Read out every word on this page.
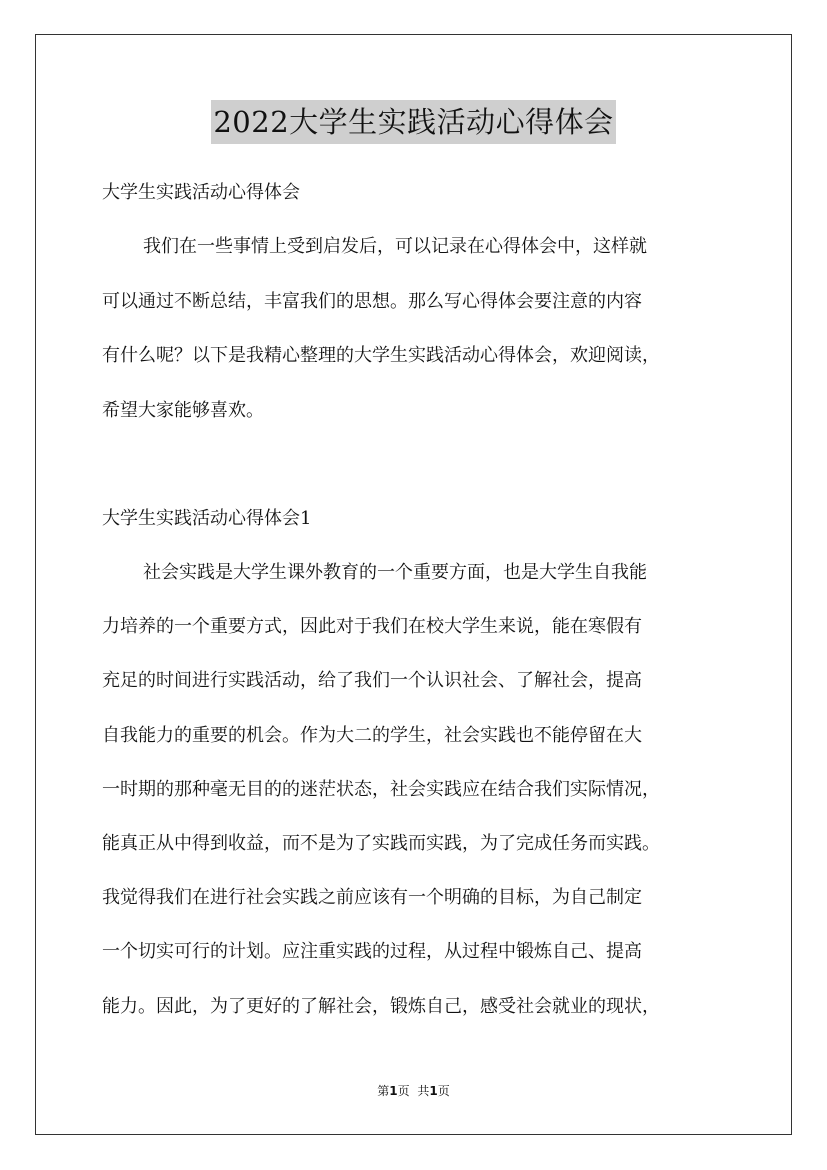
2022大学生实践活动心得体会
大学生实践活动心得体会
我们在一些事情上受到启发后，可以记录在心得体会中，这样就
可以通过不断总结，丰富我们的思想。那么写心得体会要注意的内容
有什么呢？以下是我精心整理的大学生实践活动心得体会，欢迎阅读，
希望大家能够喜欢。
大学生实践活动心得体会1
社会实践是大学生课外教育的一个重要方面，也是大学生自我能
力培养的一个重要方式，因此对于我们在校大学生来说，能在寒假有
充足的时间进行实践活动，给了我们一个认识社会、了解社会，提高
自我能力的重要的机会。作为大二的学生，社会实践也不能停留在大
一时期的那种毫无目的的迷茫状态，社会实践应在结合我们实际情况，
能真正从中得到收益，而不是为了实践而实践，为了完成任务而实践。
我觉得我们在进行社会实践之前应该有一个明确的目标，为自己制定
一个切实可行的计划。应注重实践的过程，从过程中锻炼自己、提高
能力。因此，为了更好的了解社会，锻炼自己，感受社会就业的现状，
第1页 共1页
